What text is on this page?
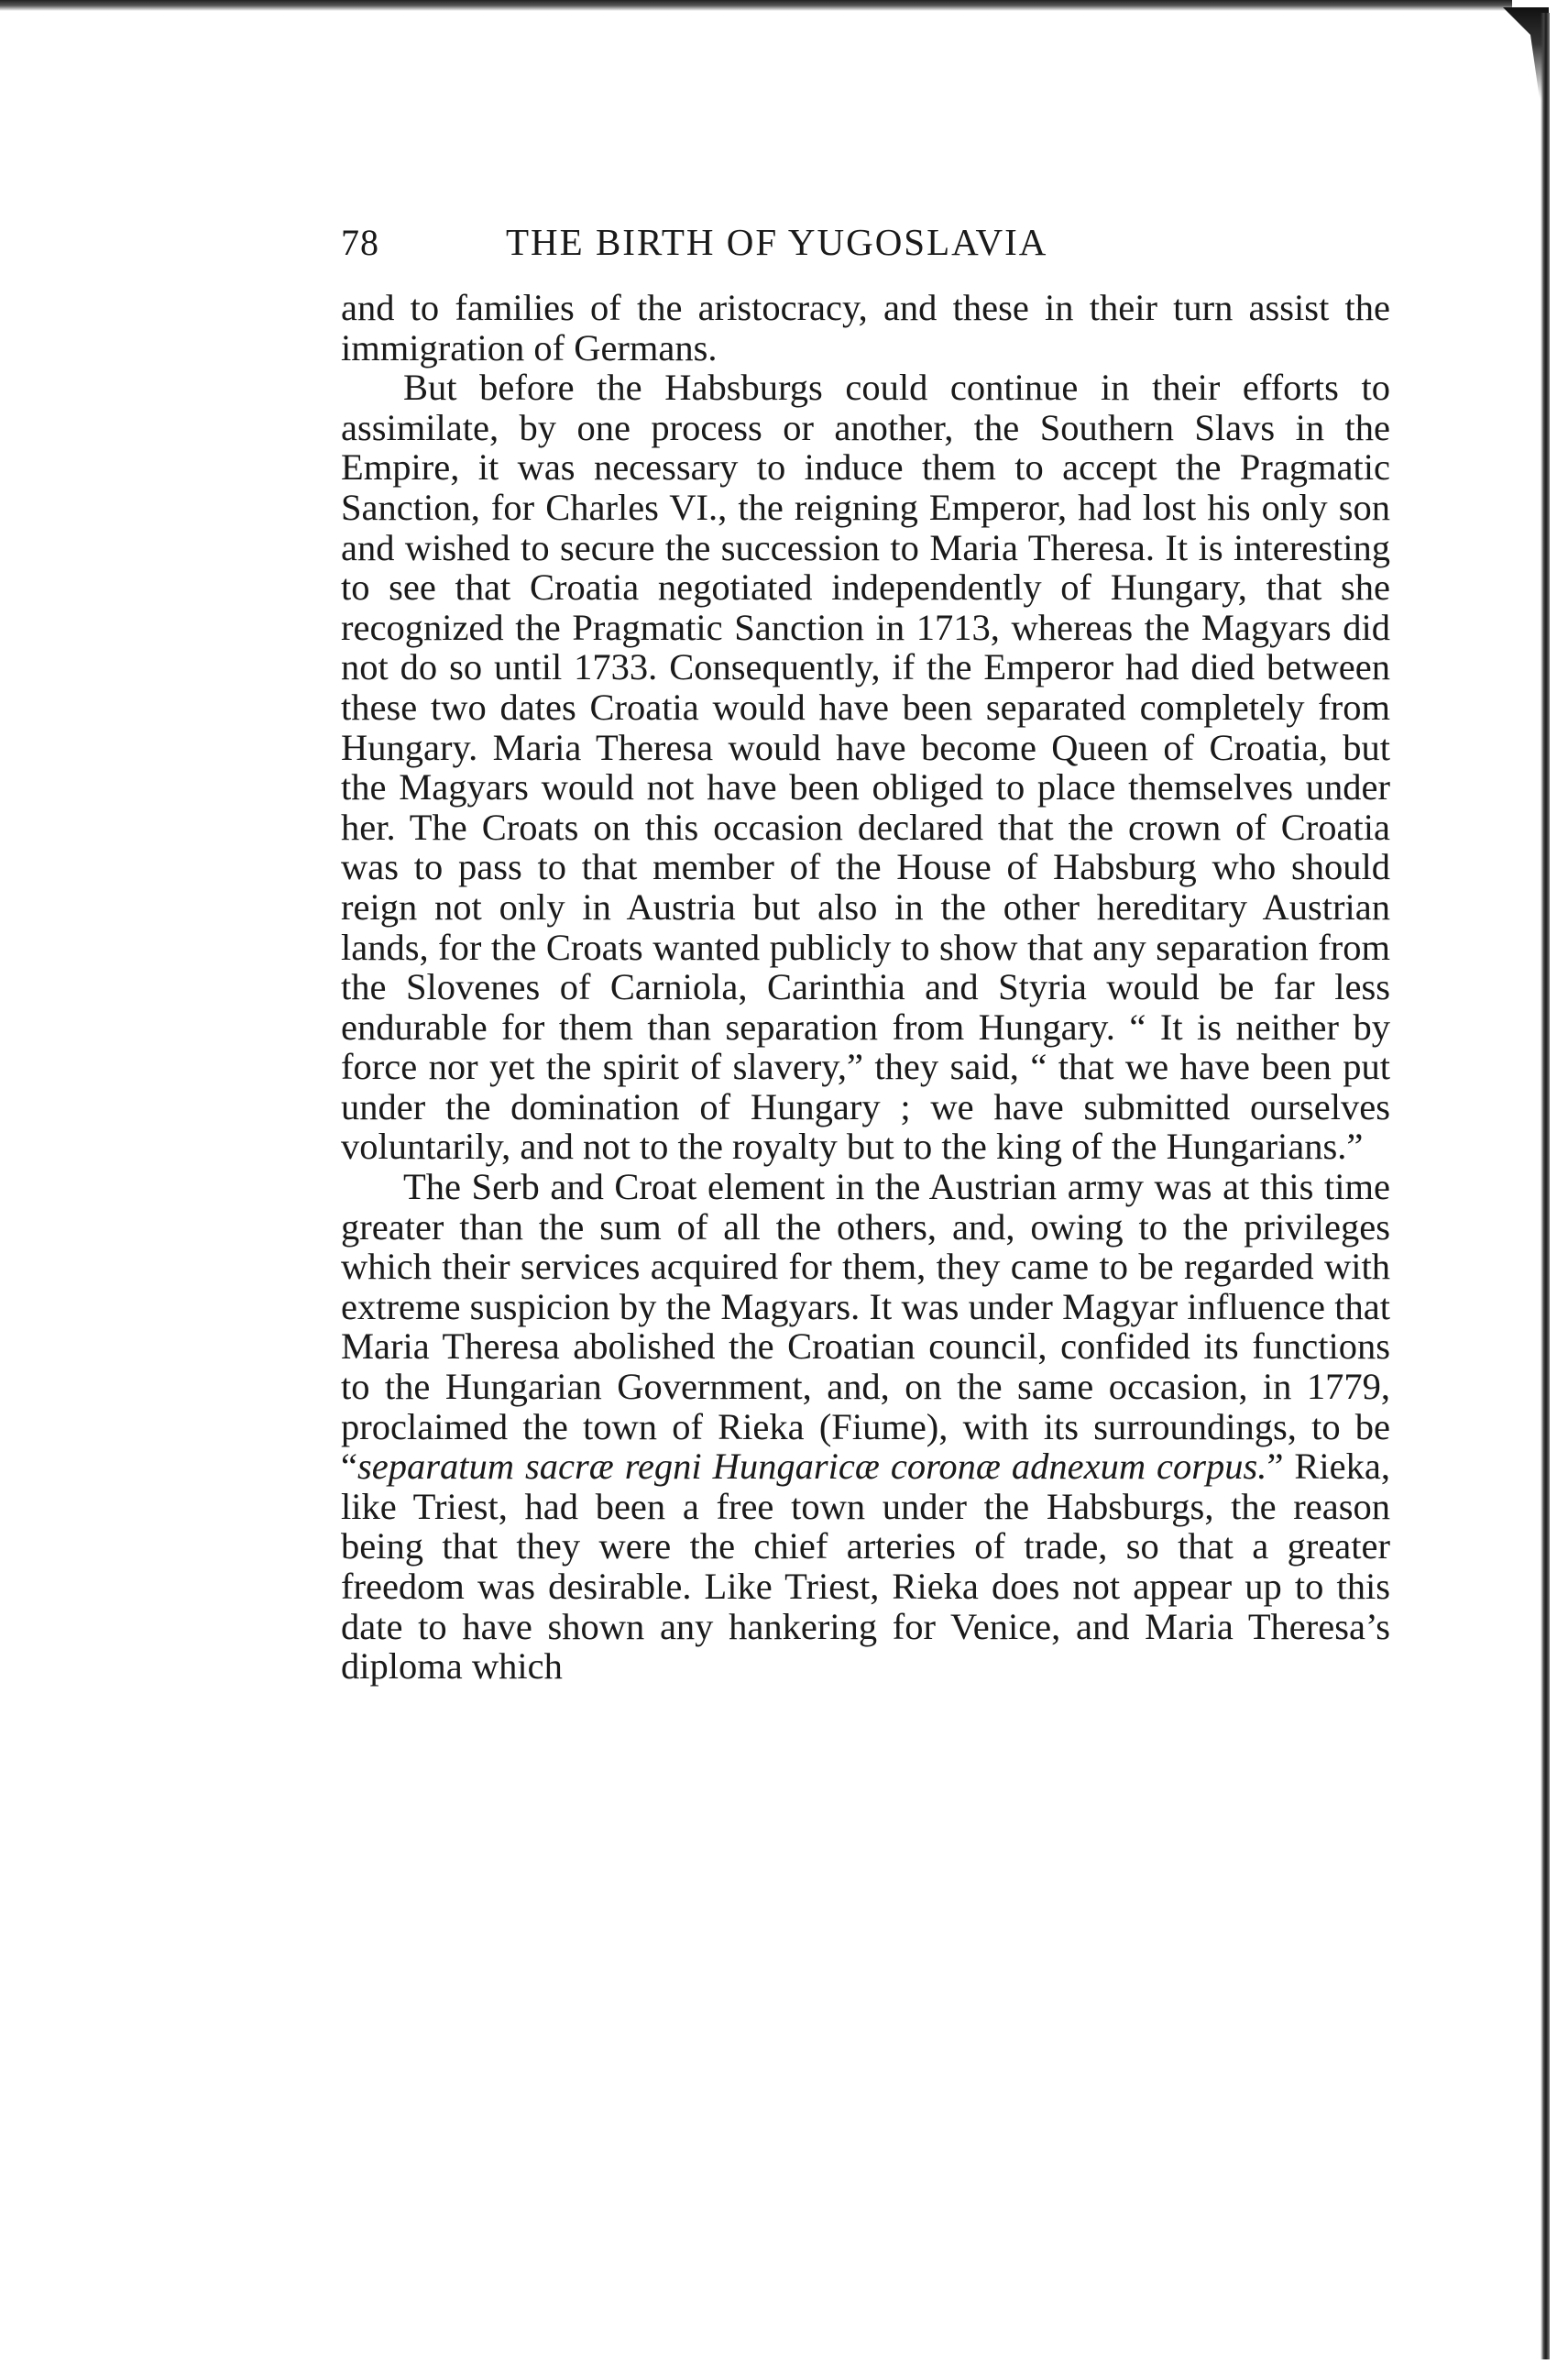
78	THE BIRTH OF YUGOSLAVIA

and to families of the aristocracy, and these in their turn assist the immigration of Germans.

But before the Habsburgs could continue in their efforts to assimilate, by one process or another, the Southern Slavs in the Empire, it was necessary to induce them to accept the Pragmatic Sanction, for Charles VI., the reigning Emperor, had lost his only son and wished to secure the succession to Maria Theresa. It is interesting to see that Croatia negotiated independently of Hungary, that she recognized the Pragmatic Sanction in 1713, whereas the Magyars did not do so until 1733. Consequently, if the Emperor had died between these two dates Croatia would have been separated completely from Hungary. Maria Theresa would have become Queen of Croatia, but the Magyars would not have been obliged to place themselves under her. The Croats on this occasion declared that the crown of Croatia was to pass to that member of the House of Habsburg who should reign not only in Austria but also in the other hereditary Austrian lands, for the Croats wanted publicly to show that any separation from the Slovenes of Carniola, Carinthia and Styria would be far less endurable for them than separation from Hungary. “ It is neither by force nor yet the spirit of slavery,” they said, “ that we have been put under the domination of Hungary ; we have submitted ourselves voluntarily, and not to the royalty but to the king of the Hungarians.”

The Serb and Croat element in the Austrian army was at this time greater than the sum of all the others, and, owing to the privileges which their services acquired for them, they came to be regarded with extreme suspicion by the Magyars. It was under Magyar influence that Maria Theresa abolished the Croatian council, confided its functions to the Hungarian Government, and, on the same occasion, in 1779, proclaimed the town of Rieka (Fiume), with its surroundings, to be “separatum sacræ regni Hungaricæ coronæ adnexum corpus.” Rieka, like Triest, had been a free town under the Habsburgs, the reason being that they were the chief arteries of trade, so that a greater freedom was desirable. Like Triest, Rieka does not appear up to this date to have shown any hankering for Venice, and Maria Theresa’s diploma which
